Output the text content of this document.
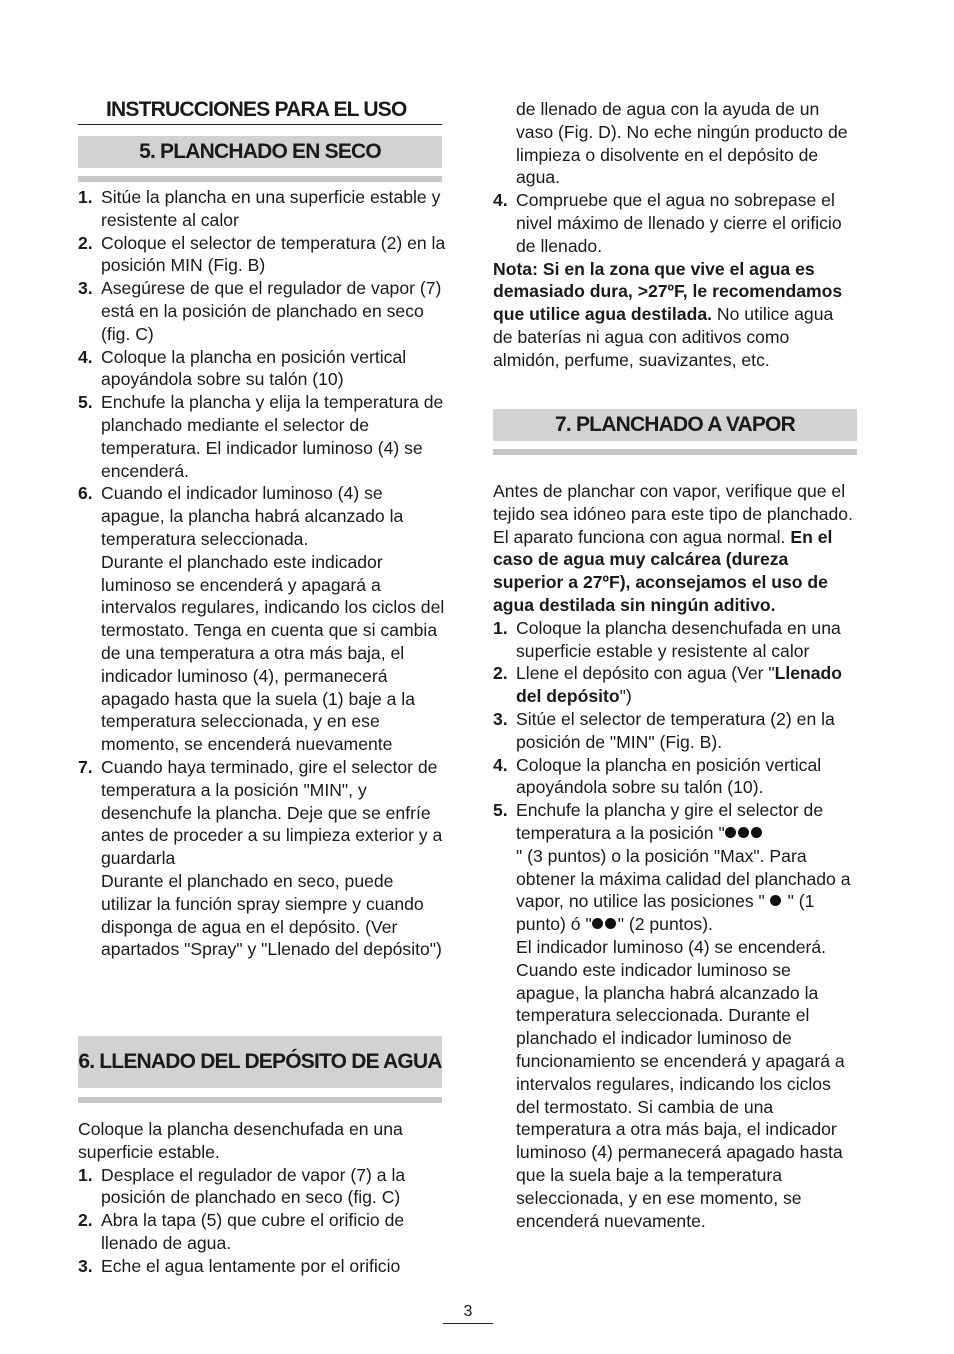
INSTRUCCIONES PARA EL USO
5. PLANCHADO EN SECO
1. Sitúe la plancha en una superficie estable y resistente al calor
2. Coloque el selector de temperatura (2) en la posición MIN (Fig. B)
3. Asegúrese de que el regulador de vapor (7) está en la posición de planchado en seco (fig. C)
4. Coloque la plancha en posición vertical apoyándola sobre su talón (10)
5. Enchufe la plancha y elija la temperatura de planchado mediante el selector de temperatura. El indicador luminoso (4) se encenderá.
6. Cuando el indicador luminoso (4) se apague, la plancha habrá alcanzado la temperatura seleccionada.
Durante el planchado este indicador luminoso se encenderá y apagará a intervalos regulares, indicando los ciclos del termostato. Tenga en cuenta que si cambia de una temperatura a otra más baja, el indicador luminoso (4), permanecerá apagado hasta que la suela (1) baje a la temperatura seleccionada, y en ese momento, se encenderá nuevamente
7. Cuando haya terminado, gire el selector de temperatura a la posición "MIN", y desenchufe la plancha. Deje que se enfríe antes de proceder a su limpieza exterior y a guardarla
Durante el planchado en seco, puede utilizar la función spray siempre y cuando disponga de agua en el depósito. (Ver apartados "Spray" y "Llenado del depósito")
6. LLENADO DEL DEPÓSITO DE AGUA

Coloque la plancha desenchufada en una superficie estable.

1. Desplace el regulador de vapor (7) a la posición de planchado en seco (fig. C)
2. Abra la tapa (5) que cubre el orificio de llenado de agua.
3. Eche el agua lentamente por el orificio

de llenado de agua con la ayuda de un vaso (Fig. D). No eche ningún producto de limpieza o disolvente en el depósito de agua.

4. Compruebe que el agua no sobrepase el nivel máximo de llenado y cierre el orificio de llenado.

Nota: Si en la zona que vive el agua es demasiado dura, >27ºF, le recomendamos que utilice agua destilada. No utilice agua de baterías ni agua con aditivos como almidón, perfume, suavizantes, etc.

7. PLANCHADO A VAPOR

Antes de planchar con vapor, verifique que el tejido sea idóneo para este tipo de planchado. El aparato funciona con agua normal. En el caso de agua muy calcárea (dureza superior a 27ºF), aconsejamos el uso de agua destilada sin ningún aditivo.

1. Coloque la plancha desenchufada en una superficie estable y resistente al calor
2. Llene el depósito con agua (Ver "Llenado del depósito")
3. Sitúe el selector de temperatura (2) en la posición de "MIN" (Fig. B).
4. Coloque la plancha en posición vertical apoyándola sobre su talón (10).
5. Enchufe la plancha y gire el selector de temperatura a la posición "
" (3 puntos) o la posición "Max". Para obtener la máxima calidad del planchado a vapor, no utilice las posiciones " " (1 punto) ó " " (2 puntos).
El indicador luminoso (4) se encenderá. Cuando este indicador luminoso se apague, la plancha habrá alcanzado la temperatura seleccionada. Durante el planchado el indicador luminoso de funcionamiento se encenderá y apagará a intervalos regulares, indicando los ciclos del termostato. Si cambia de una temperatura a otra más baja, el indicador luminoso (4) permanecerá apagado hasta que la suela baje a la temperatura seleccionada, y en ese momento, se encenderá nuevamente.
3
